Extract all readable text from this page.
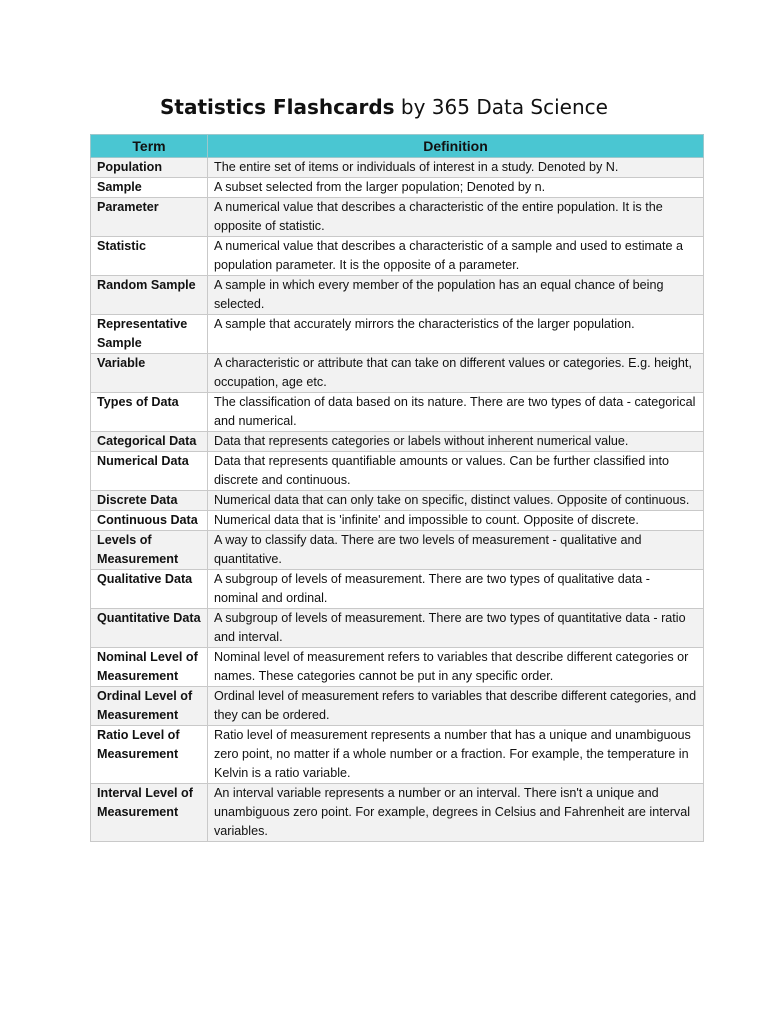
Statistics Flashcards by 365 Data Science
Term	Definition
Population	The entire set of items or individuals of interest in a study. Denoted by N.
Sample	A subset selected from the larger population; Denoted by n.
Parameter	A numerical value that describes a characteristic of the entire population. It is the opposite of statistic.
Statistic	A numerical value that describes a characteristic of a sample and used to estimate a population parameter. It is the opposite of a parameter.
Random Sample	A sample in which every member of the population has an equal chance of being selected.
Representative Sample	A sample that accurately mirrors the characteristics of the larger population.
Variable	A characteristic or attribute that can take on different values or categories. E.g. height, occupation, age etc.
Types of Data	The classification of data based on its nature. There are two types of data - categorical and numerical.
Categorical Data	Data that represents categories or labels without inherent numerical value.
Numerical Data	Data that represents quantifiable amounts or values. Can be further classified into discrete and continuous.
Discrete Data	Numerical data that can only take on specific, distinct values. Opposite of continuous.
Continuous Data	Numerical data that is 'infinite' and impossible to count. Opposite of discrete.
Levels of Measurement	A way to classify data. There are two levels of measurement - qualitative and quantitative.
Qualitative Data	A subgroup of levels of measurement. There are two types of qualitative data - nominal and ordinal.
Quantitative Data	A subgroup of levels of measurement. There are two types of quantitative data - ratio and interval.
Nominal Level of Measurement	Nominal level of measurement refers to variables that describe different categories or names. These categories cannot be put in any specific order.
Ordinal Level of Measurement	Ordinal level of measurement refers to variables that describe different categories, and they can be ordered.
Ratio Level of Measurement	Ratio level of measurement represents a number that has a unique and unambiguous zero point, no matter if a whole number or a fraction. For example, the temperature in Kelvin is a ratio variable.
Interval Level of Measurement	An interval variable represents a number or an interval. There isn't a unique and unambiguous zero point. For example, degrees in Celsius and Fahrenheit are interval variables.
